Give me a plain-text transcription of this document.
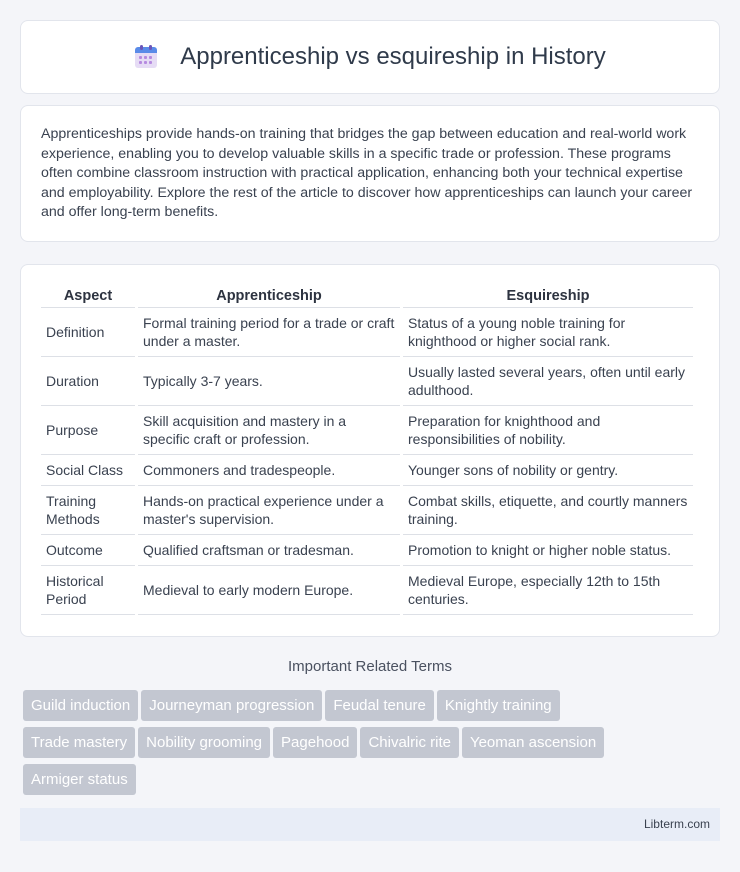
Apprenticeship vs esquireship in History

Apprenticeships provide hands-on training that bridges the gap between education and real-world work experience, enabling you to develop valuable skills in a specific trade or profession. These programs often combine classroom instruction with practical application, enhancing both your technical expertise and employability. Explore the rest of the article to discover how apprenticeships can launch your career and offer long-term benefits.

Aspect	Apprenticeship	Esquireship
Definition	Formal training period for a trade or craft under a master.	Status of a young noble training for knighthood or higher social rank.
Duration	Typically 3-7 years.	Usually lasted several years, often until early adulthood.
Purpose	Skill acquisition and mastery in a specific craft or profession.	Preparation for knighthood and responsibilities of nobility.
Social Class	Commoners and tradespeople.	Younger sons of nobility or gentry.
Training Methods	Hands-on practical experience under a master's supervision.	Combat skills, etiquette, and courtly manners training.
Outcome	Qualified craftsman or tradesman.	Promotion to knight or higher noble status.
Historical Period	Medieval to early modern Europe.	Medieval Europe, especially 12th to 15th centuries.
Important Related Terms
Guild induction Journeyman progression Feudal tenure Knightly training
Trade mastery Nobility grooming Pagehood Chivalric rite Yeoman ascension
Armiger status
Libterm.com
